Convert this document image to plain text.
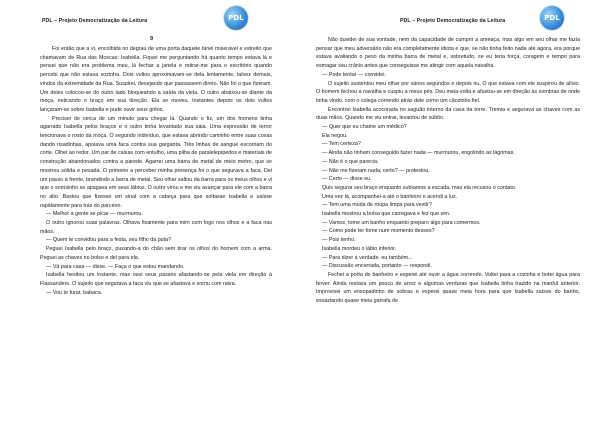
PDL – Projeto Democratização da Leitura	PDL
9

Foi então que a vi, encolhida no degrau de uma porta daquele túnel miserável e estreito que chamavam de Rua das Moscas: Isabella. Fiquei me perguntando há quanto tempo estava lá e pensei que não era problema meu, lá fechar a janela e retirar-me para o escritório quando percebi que não estava sozinha. Dois vultos aproximavam-se dela lentamente, talvez demais, vindos da extremidade da Rua. Suspirei, desejando que passassem direto. Não foi o que fizeram. Um deles colocou-se do outro lado bloqueando a saída da viela. O outro abaixou-se diante da moça, esticando o braço em sua direção. Ela se moveu. Instantes depois os dois vultos lançaram-se sobre Isabella e pude ouvir seus gritos.

Precisei de cerca de um minuto para chegar lá. Quando o fiz, um dos homens tinha agarrado Isabella pelos braços e o outro tinha levantado sua saia. Uma expressão de terror tencionava o rosto da moça. O segundo indivíduo, que estava abrindo caminho entre suas coxas dando risadinhas, apoiava uma faca contra sua garganta. Três linhas de sangue escorriam do corte. Olhei ao redor. Um par de caixas com entulho, uma pilha de paralelepípedos e materiais de construção abandonados contra a parede. Agarrei uma barra de metal de meio metro, que se mostrou sólida e pesada. O primeiro a perceber minha presença foi o que segurava a faca. Dei um passo à frente, brandindo a barra de metal. Seu olhar saltou da barra para os meus olhos e vi que o sorrisinho se apagava em seus lábios. O outro virou e me viu avançar para ele com a barra no alto. Bastou que fizesse um sinal com a cabeça para que soltasse Isabella e saísse rapidamente para trás do parceiro.

— Melhor a gente se picar — murmurou.

O outro ignorou suas palavras. Olhava fixamente para mim com fogo nos olhos e a faca nas mãos.

— Quem te convidou para a festa, seu filho da puta?

Peguei Isabella pelo braço, puxando-a do chão sem tirar os olhos do homem com a arma. Peguei as chaves no bolso e dei para ela.

— Vá para casa — disse. — Faça o que estou mandando.

Isabella hesitou um instante, mas ouvi seus passos afastando-se pela viela em direção à Flassanders. O sujeito que segurava a faca viu que se afastava e sorriu com raiva.

— Vou te furar, babaca.

PDL – Projeto Democratização da Leitura	PDL

Não duvidei de sua vontade, nem da capacidade de cumprir a ameaça, mas algo em seu olhar me fazia pensar que meu adversário não era completamente idiota e que, se não tinha feito nada até agora, era porque estava avaliando o peso da minha barra de metal e, sobretudo, se eu teria força, coragem e tempo para esmagar seu crânio antes que conseguisse me atingir com aquela navalha.

— Pode tentar — convidei.

O sujeito sustentou meu olhar por vários segundos e depois riu. O que estava com ele suspirou de alívio. O homem fechou a navalha e cuspiu a meus pés. Deu meia-volta e afastou-se em direção às sombras de onde tinha vindo, com o colega correndo atrás dele como um cãozinho fiel.

Encontrei Isabella acocorada no saguão interno da casa da torre. Tremia e segurava as chaves com as duas mãos. Quando me viu entrar, levantou de súbito.

— Quer que eu chame um médico?

Ela negou.

— Tem certeza?

— Ainda não tinham conseguido fazer nada — murmurou, engolindo as lágrimas.

— Não é o que parecia.

— Não me fizeram nada, certo? — protestou.

— Certo — disse eu.

Quis segurar seu braço enquanto subíamos a escada, mas ela recusou o contato.

Uma vez lá, acompanhei-a até o banheiro e acendi a luz.

— Tem uma muda de roupa limpa para vestir?

Isabella mostrou a bolsa que carregava e fez que sim.

— Vamos, tome um banho enquanto preparo algo para comermos.

— Como pode ter fome num momento desses?

— Pois tenho.

Isabella mordeu o lábio inferior.

— Para dizer a verdade, eu também...

— Discussão encerrada, portanto — respondi.

Fechei a porta do banheiro e esperei até ouvir a água correndo. Voltei para a cozinha e botei água para ferver. Ainda restava um pouco de arroz e algumas verduras que Isabella tinha trazido na manhã anterior. Improvisei um ensopadinho de sobras e esperei quase meia hora para que Isabella saísse do banho, esvaziando quase meia garrafa de
